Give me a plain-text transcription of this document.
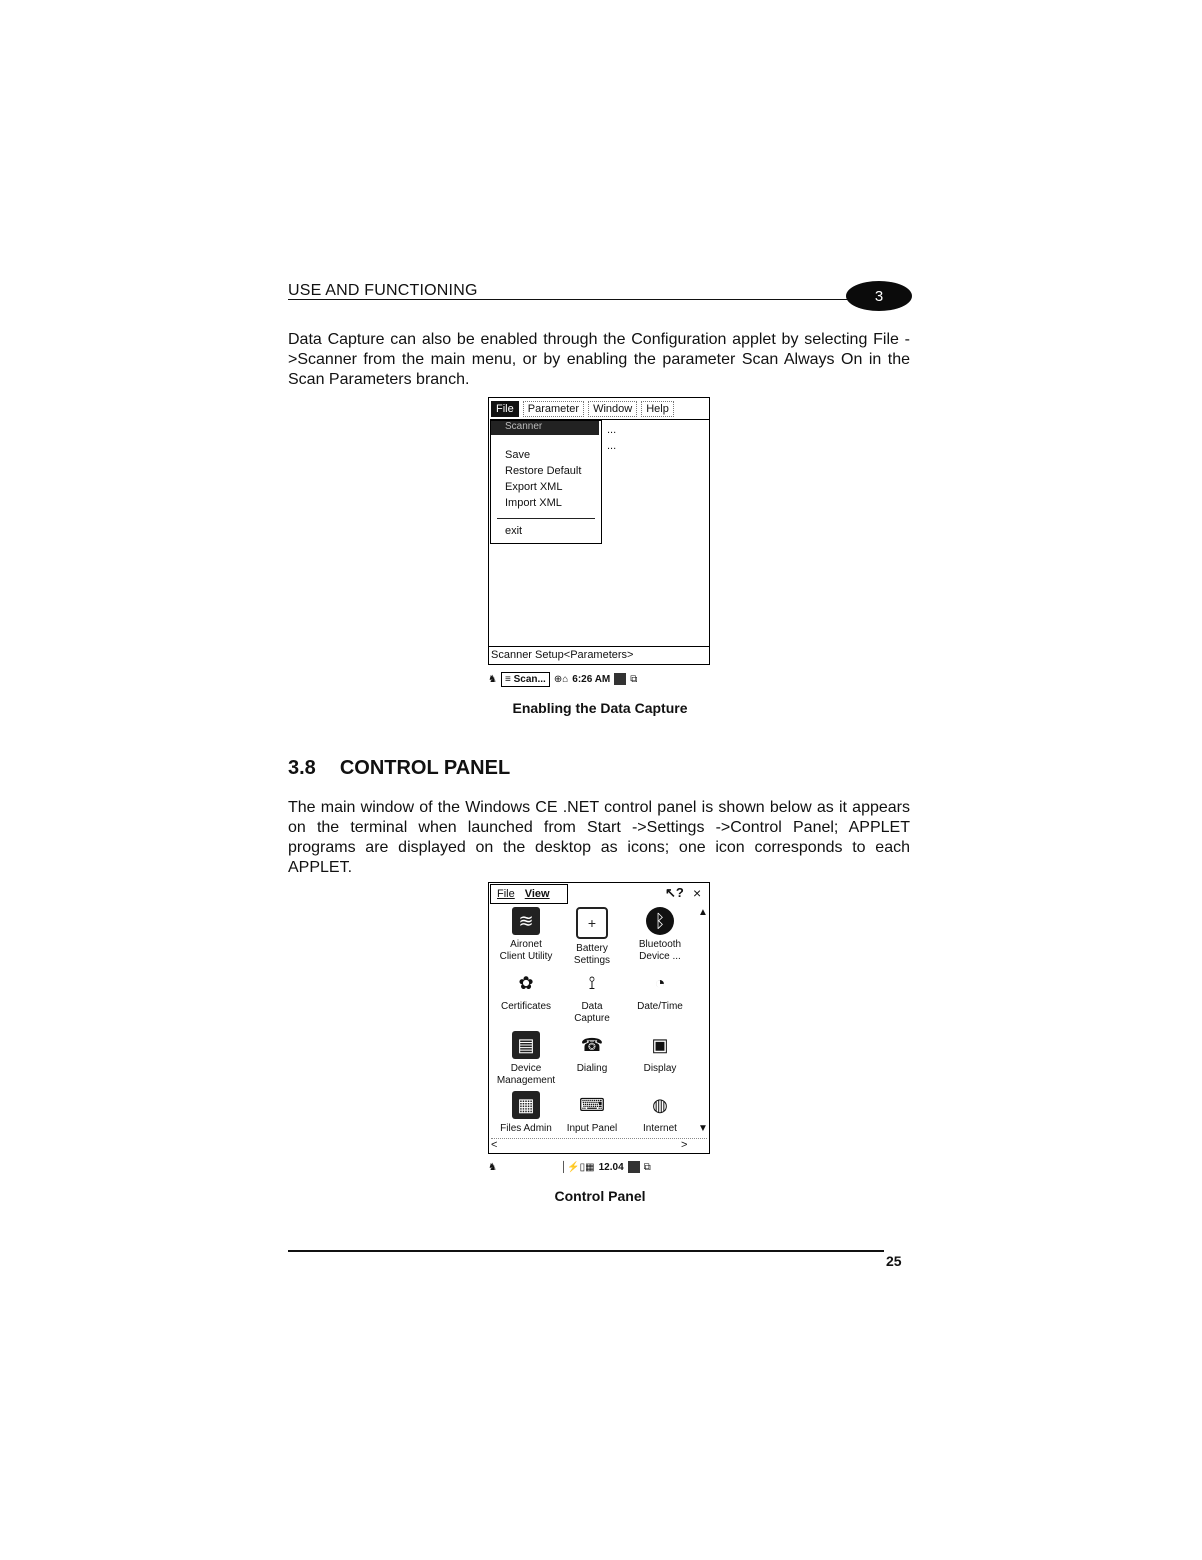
USE AND FUNCTIONING	3
Data Capture can also be enabled through the Configuration applet by selecting File ->Scanner from the main menu, or by enabling the parameter Scan Always On in the Scan Parameters branch.
File	Parameter	Window	Help
Scanner
Save
Restore Default
Export XML
Import XML
exit
...
...
Scanner Setup<Parameters>
♞ ≡ Scan... ⊕⌂ 6:26 AM ⧉
Enabling the Data Capture
3.8 CONTROL PANEL
The main window of the Windows CE .NET control panel is shown below as it appears on the terminal when launched from Start ->Settings ->Control Panel; APPLET programs are displayed on the desktop as icons; one icon corresponds to each APPLET.
File View	↖? ×
≋
Aironet
Client Utility
+
Battery
Settings
ᛒ
Bluetooth
Device ...
✿
Certificates
⟟
Data
Capture
◔
Date/Time
▤
Device
Management
☎
Dialing
▣
Display
▦
Files Admin
⌨
Input Panel
◍
Internet
▲
▼
<	>
♞	│⚡▯▦ 12.04 ⧉
Control Panel
25
